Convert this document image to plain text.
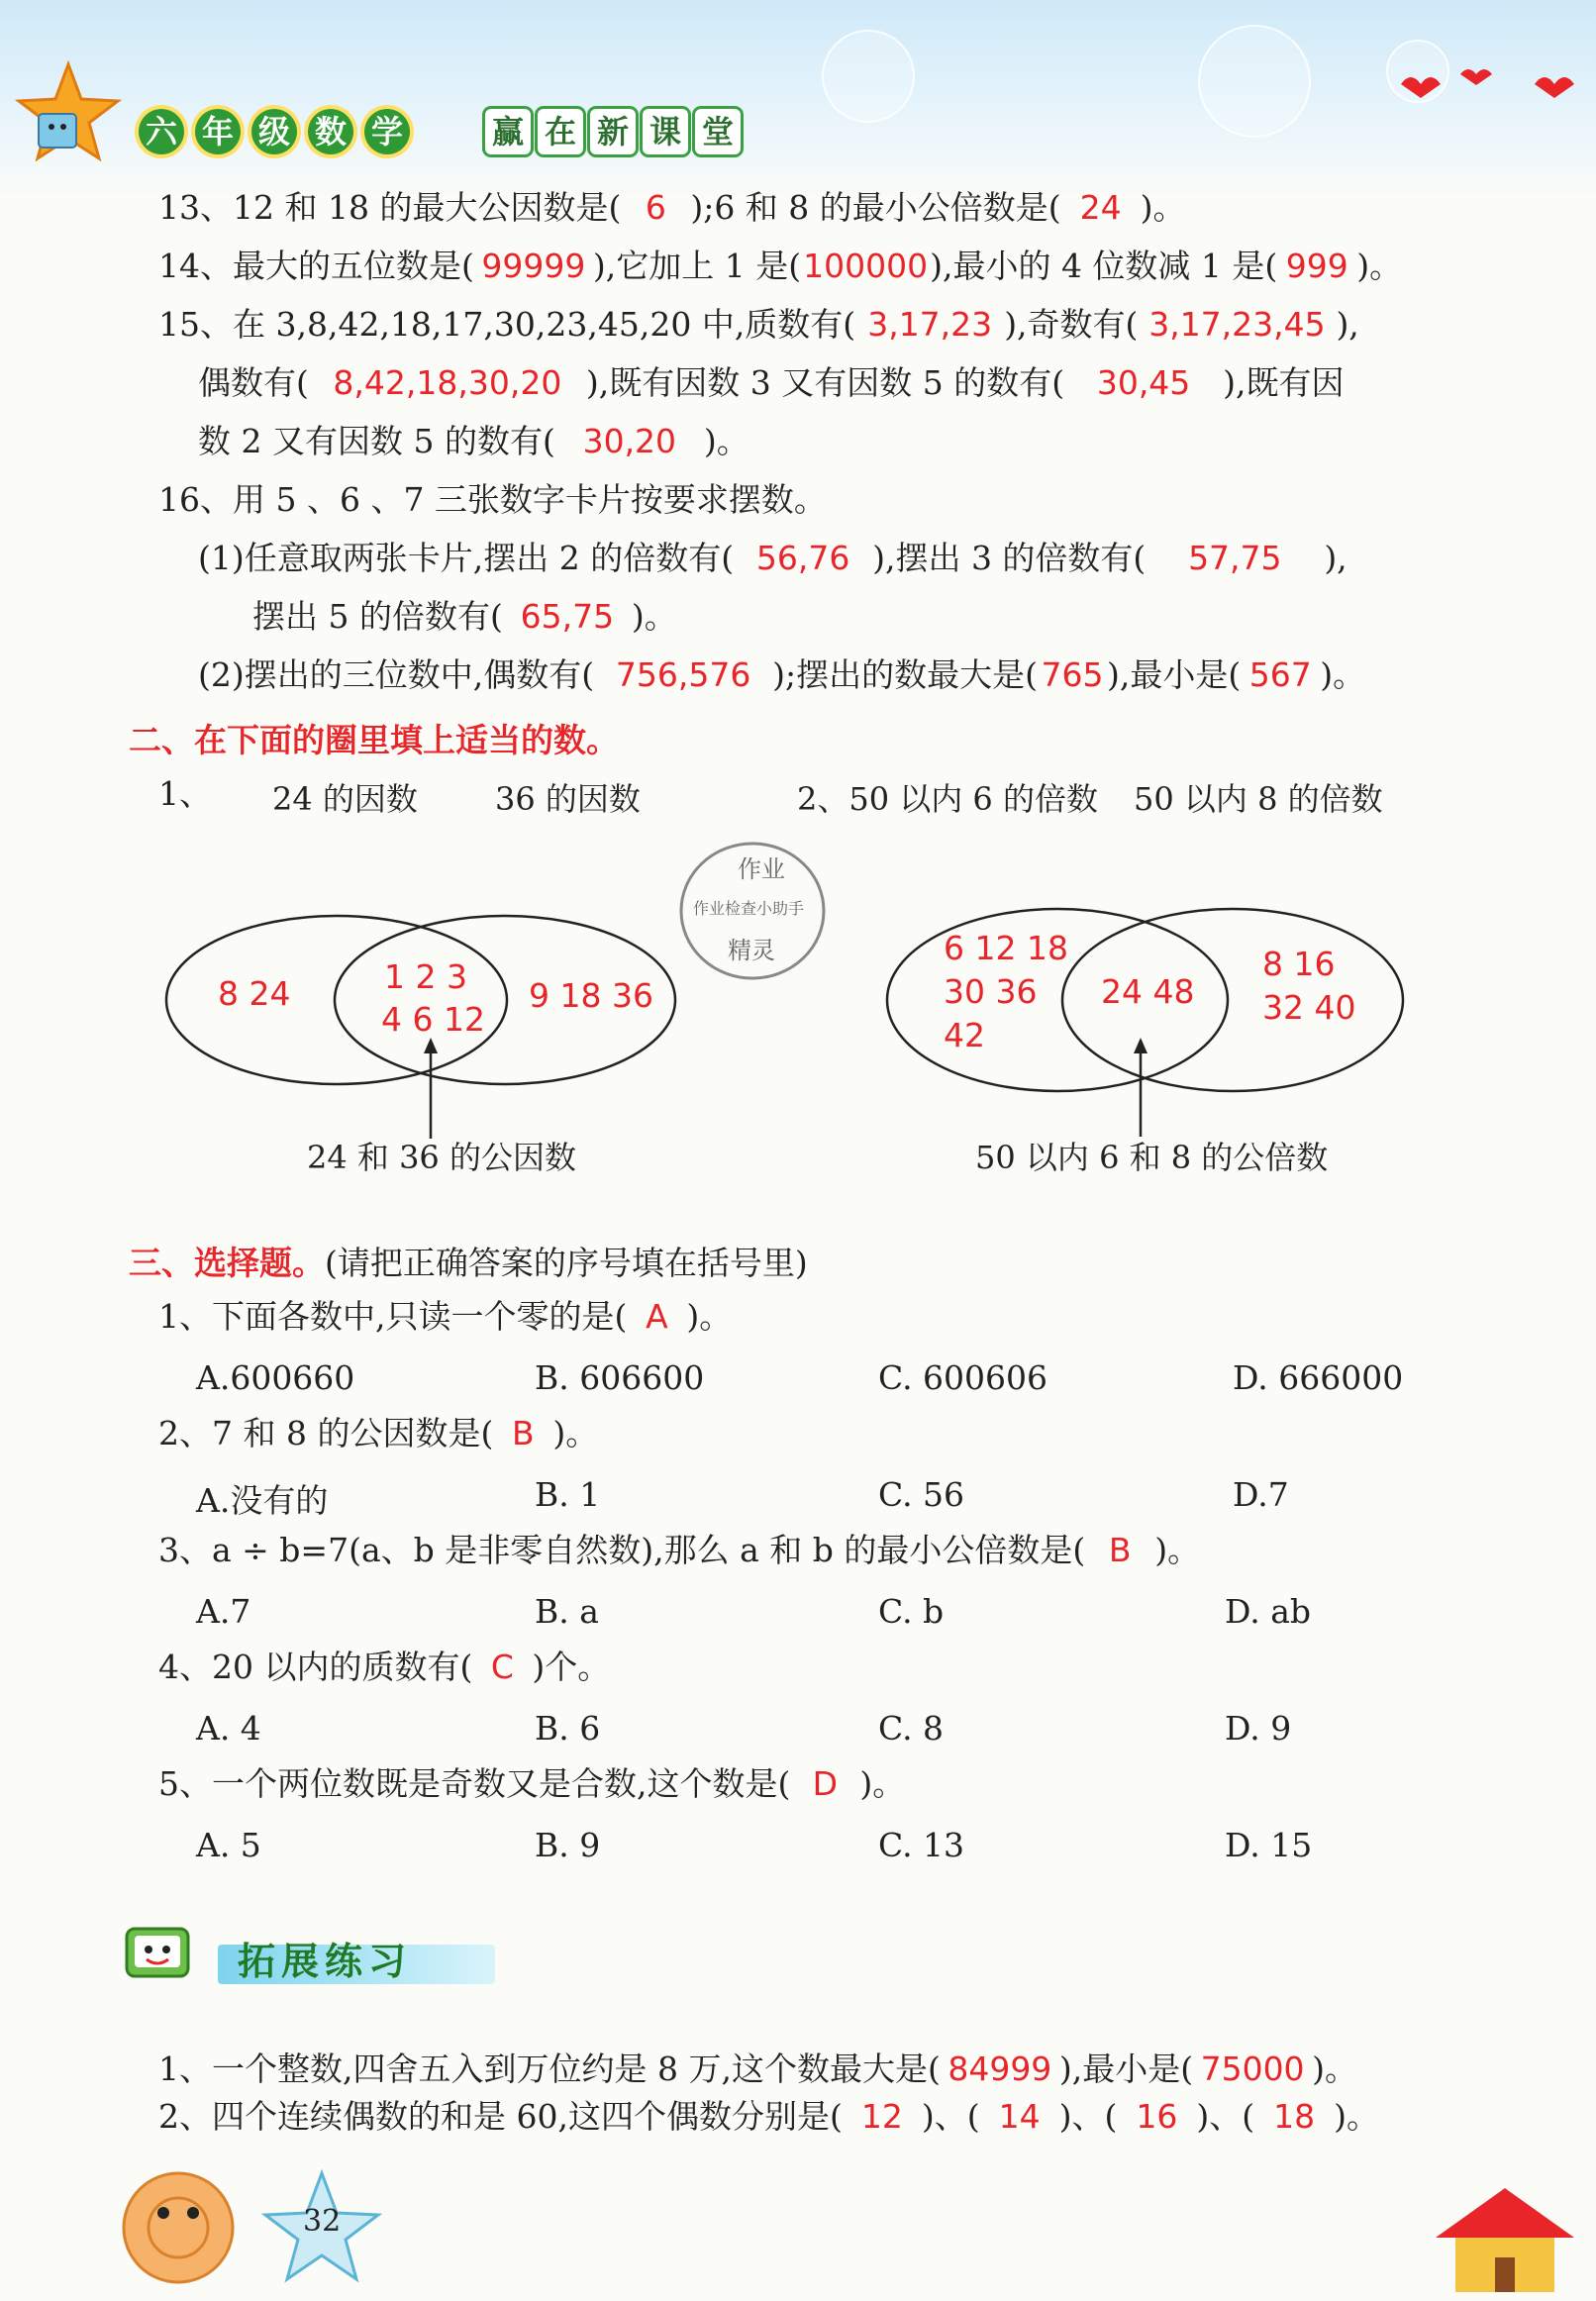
六 年 级 数 学	赢 在 新 课 堂
13、12 和 18 的最大公因数是( 6 );6 和 8 的最小公倍数是( 24 )。
14、最大的五位数是( 99999 ),它加上 1 是(100000),最小的 4 位数减 1 是( 999 )。
15、在 3,8,42,18,17,30,23,45,20 中,质数有( 3,17,23 ),奇数有( 3,17,23,45 ),
偶数有( 8,42,18,30,20 ),既有因数 3 又有因数 5 的数有( 30,45 ),既有因
数 2 又有因数 5 的数有( 30,20 )。
16、用 5 、6 、7 三张数字卡片按要求摆数。
(1)任意取两张卡片,摆出 2 的倍数有( 56,76 ),摆出 3 的倍数有( 57,75 ),
摆出 5 的倍数有( 65,75 )。
(2)摆出的三位数中,偶数有( 756,576 );摆出的数最大是( 765 ),最小是( 567 )。
二、在下面的圈里填上适当的数。
1、 24 的因数 36 的因数	2、50 以内 6 的倍数 50 以内 8 的倍数
作业
作业检查小助手
精灵
8 24	1 2 3
4 6 12
9 18 36
24 和 36 的公因数
6 12 18
30 36
42
24 48
8 16
32 40
50 以内 6 和 8 的公倍数
三、选择题。(请把正确答案的序号填在括号里)
1、下面各数中,只读一个零的是( A )。
A.600660	B. 606600	C. 600606	D. 666000
2、7 和 8 的公因数是( B )。
A.没有的	B. 1	C. 56	D.7
3、a ÷ b=7(a、b 是非零自然数),那么 a 和 b 的最小公倍数是( B )。
A.7	B. a	C. b	D. ab
4、20 以内的质数有( C )个。
A. 4	B. 6	C. 8	D. 9
5、一个两位数既是奇数又是合数,这个数是( D )。
A. 5	B. 9	C. 13	D. 15
拓展练习
1、一个整数,四舍五入到万位约是 8 万,这个数最大是( 84999 ),最小是( 75000 )。
2、四个连续偶数的和是 60,这四个偶数分别是( 12 )、( 14 )、( 16 )、( 18 )。
32
